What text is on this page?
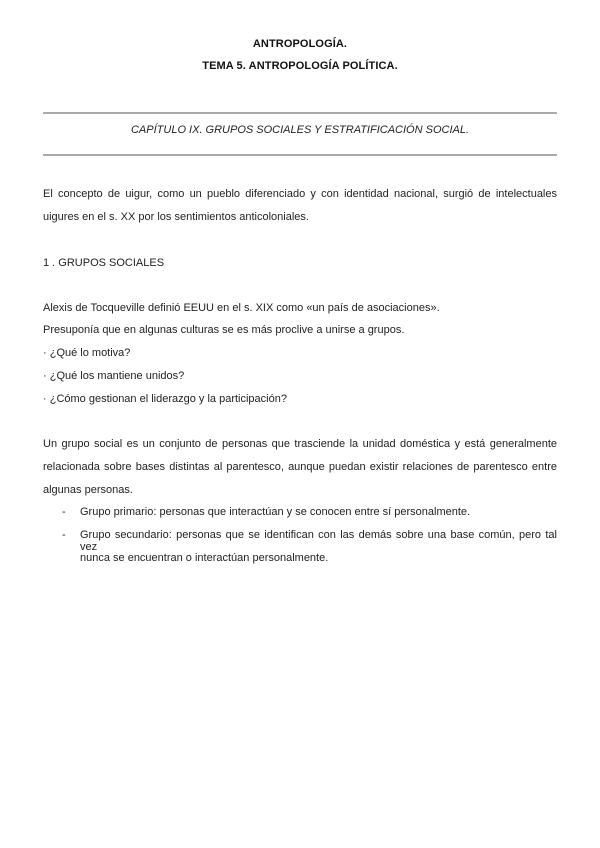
ANTROPOLOGÍA.
TEMA 5. ANTROPOLOGÍA POLÍTICA.
CAPÍTULO IX. GRUPOS SOCIALES Y ESTRATIFICACIÓN SOCIAL.
El concepto de uigur, como un pueblo diferenciado y con identidad nacional, surgió de intelectuales
uigures en el s. XX por los sentimientos anticoloniales.
1 . GRUPOS SOCIALES
Alexis de Tocqueville definió EEUU en el s. XIX como «un país de asociaciones».
Presuponía que en algunas culturas se es más proclive a unirse a grupos.
· ¿Qué lo motiva?
· ¿Qué los mantiene unidos?
· ¿Cómo gestionan el liderazgo y la participación?
Un grupo social es un conjunto de personas que trasciende la unidad doméstica y está generalmente
relacionada sobre bases distintas al parentesco, aunque puedan existir relaciones de parentesco entre
algunas personas.
- Grupo primario: personas que interactúan y se conocen entre sí personalmente.
- Grupo secundario: personas que se identifican con las demás sobre una base común, pero tal vez
nunca se encuentran o interactúan personalmente.
